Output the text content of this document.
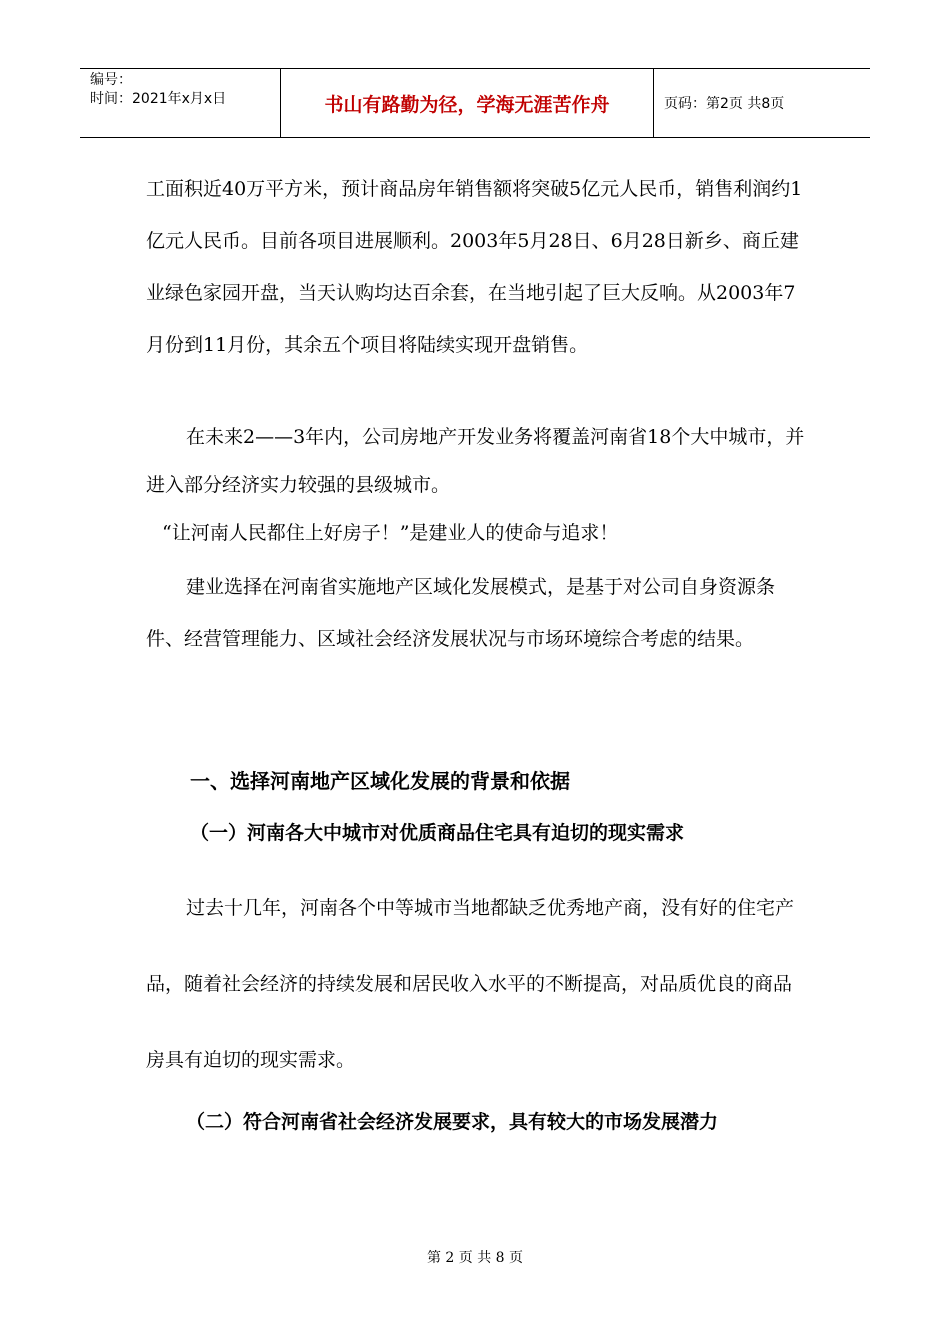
编号：
时间：2021年x月x日	书山有路勤为径，学海无涯苦作舟	页码：第2页 共8页
工面积近40万平方米，预计商品房年销售额将突破5亿元人民币，销售利润约1亿元人民币。目前各项目进展顺利。2003年5月28日、6月28日新乡、商丘建业绿色家园开盘，当天认购均达百余套，在当地引起了巨大反响。从2003年7月份到11月份，其余五个项目将陆续实现开盘销售。
在未来2——3年内，公司房地产开发业务将覆盖河南省18个大中城市，并进入部分经济实力较强的县级城市。
“让河南人民都住上好房子！”是建业人的使命与追求！
建业选择在河南省实施地产区域化发展模式，是基于对公司自身资源条件、经营管理能力、区域社会经济发展状况与市场环境综合考虑的结果。
一、选择河南地产区域化发展的背景和依据
（一）河南各大中城市对优质商品住宅具有迫切的现实需求
过去十几年，河南各个中等城市当地都缺乏优秀地产商，没有好的住宅产品，随着社会经济的持续发展和居民收入水平的不断提高，对品质优良的商品房具有迫切的现实需求。
（二）符合河南省社会经济发展要求，具有较大的市场发展潜力
第 2 页 共 8 页
